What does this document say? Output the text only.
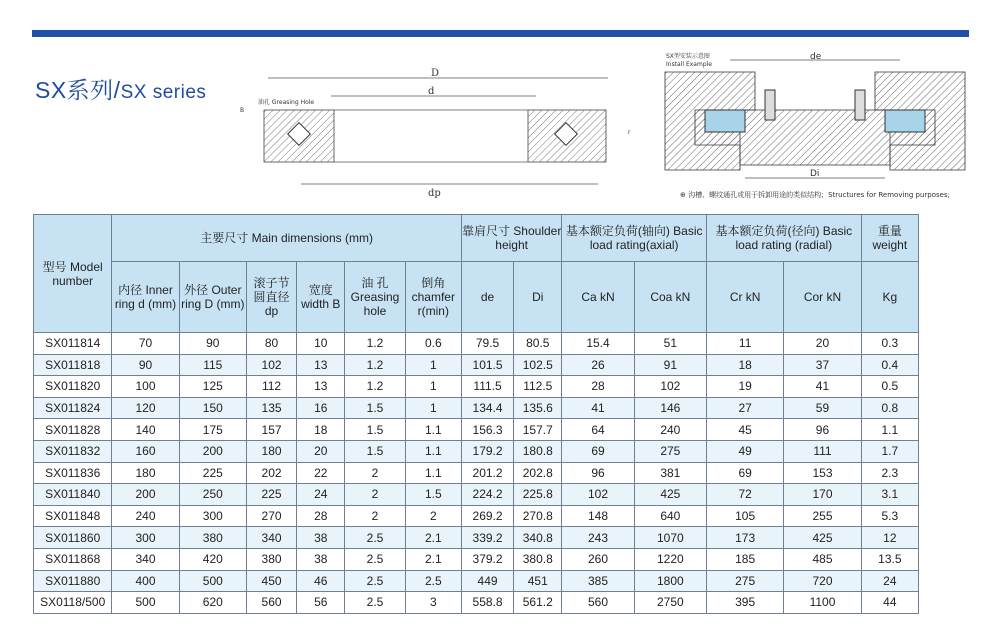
SX系列/SX series
D
d
油孔 Greasing Hole
B
r
dp
SX型安装示意图
Install Example
de
Di
⊕ 沟槽、螺纹通孔或用于拆卸用途的类似结构；Structures for Removing purposes;
型号 Model number	主要尺寸 Main dimensions (mm)						靠肩尺寸 Shoulder height		基本额定负荷(轴向) Basic load rating(axial)		基本额定负荷(径向) Basic load rating (radial)		重量 weight
	内径 Inner ring d (mm)	外径 Outer ring D (mm)	滚子节 圆直径 dp	宽度 width B	油 孔 Greasing hole	倒角 chamfer r(min)	de	Di	Ca kN	Coa kN	Cr kN	Cor kN	Kg
SX011814	70	90	80	10	1.2	0.6	79.5	80.5	15.4	51	11	20	0.3
SX011818	90	115	102	13	1.2	1	101.5	102.5	26	91	18	37	0.4
SX011820	100	125	112	13	1.2	1	111.5	112.5	28	102	19	41	0.5
SX011824	120	150	135	16	1.5	1	134.4	135.6	41	146	27	59	0.8
SX011828	140	175	157	18	1.5	1.1	156.3	157.7	64	240	45	96	1.1
SX011832	160	200	180	20	1.5	1.1	179.2	180.8	69	275	49	111	1.7
SX011836	180	225	202	22	2	1.1	201.2	202.8	96	381	69	153	2.3
SX011840	200	250	225	24	2	1.5	224.2	225.8	102	425	72	170	3.1
SX011848	240	300	270	28	2	2	269.2	270.8	148	640	105	255	5.3
SX011860	300	380	340	38	2.5	2.1	339.2	340.8	243	1070	173	425	12
SX011868	340	420	380	38	2.5	2.1	379.2	380.8	260	1220	185	485	13.5
SX011880	400	500	450	46	2.5	2.5	449	451	385	1800	275	720	24
SX0118/500	500	620	560	56	2.5	3	558.8	561.2	560	2750	395	1100	44
